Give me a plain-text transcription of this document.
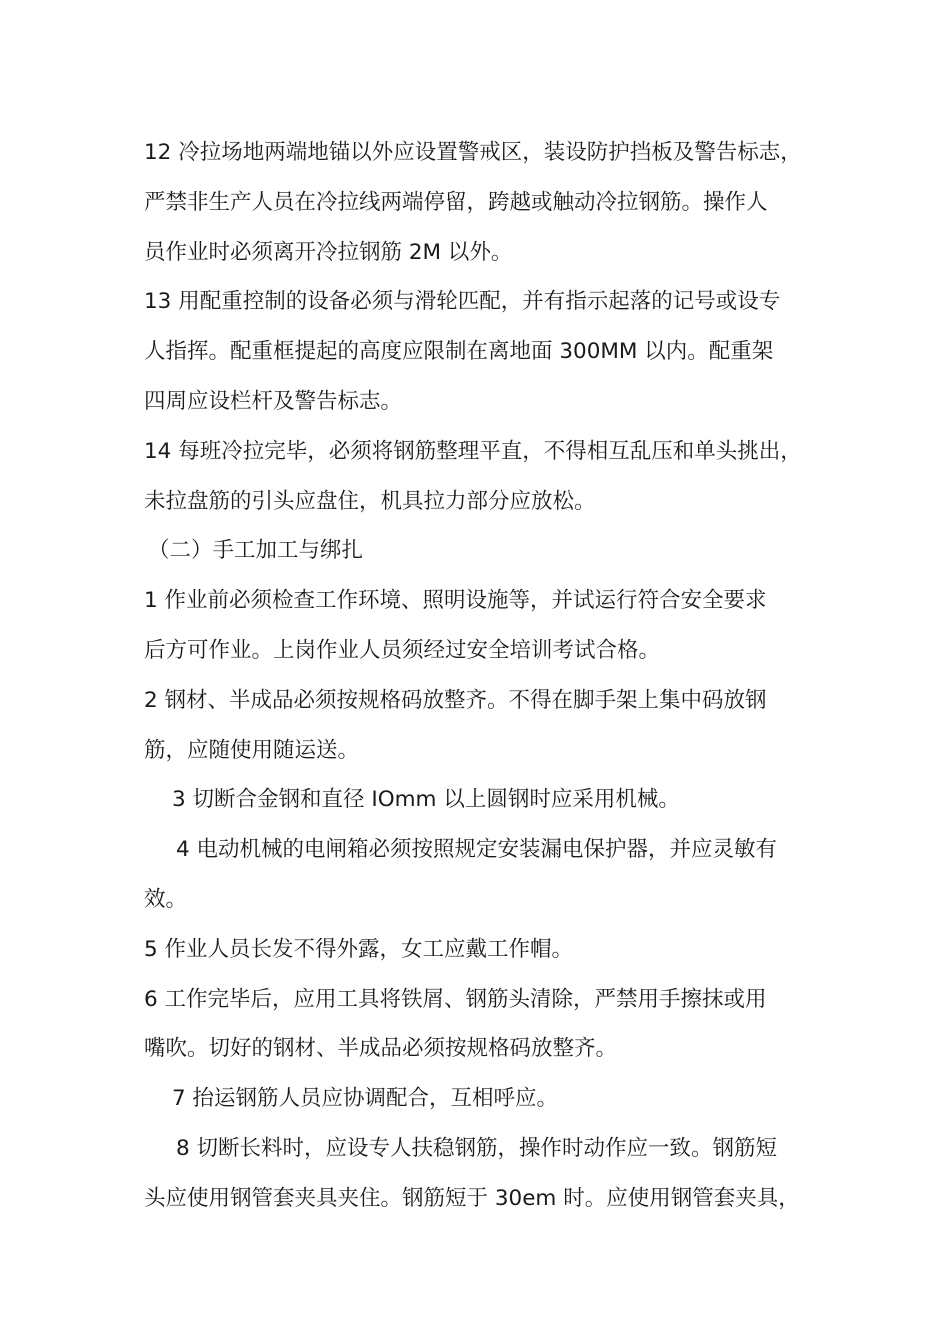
12 冷拉场地两端地锚以外应设置警戒区，装设防护挡板及警告标志，
严禁非生产人员在冷拉线两端停留，跨越或触动冷拉钢筋。操作人
员作业时必须离开冷拉钢筋 2M 以外。

13 用配重控制的设备必须与滑轮匹配，并有指示起落的记号或设专
人指挥。配重框提起的高度应限制在离地面 300MM 以内。配重架
四周应设栏杆及警告标志。

14 每班冷拉完毕，必须将钢筋整理平直，不得相互乱压和单头挑出，
未拉盘筋的引头应盘住，机具拉力部分应放松。

（二）手工加工与绑扎

1 作业前必须检查工作环境、照明设施等，并试运行符合安全要求
后方可作业。上岗作业人员须经过安全培训考试合格。

2 钢材、半成品必须按规格码放整齐。不得在脚手架上集中码放钢
筋，应随使用随运送。

3 切断合金钢和直径 IOmm 以上圆钢时应采用机械。

4 电动机械的电闸箱必须按照规定安装漏电保护器，并应灵敏有
效。

5 作业人员长发不得外露，女工应戴工作帽。

6 工作完毕后，应用工具将铁屑、钢筋头清除，严禁用手擦抹或用
嘴吹。切好的钢材、半成品必须按规格码放整齐。

7 抬运钢筋人员应协调配合，互相呼应。

8 切断长料时，应设专人扶稳钢筋，操作时动作应一致。钢筋短
头应使用钢管套夹具夹住。钢筋短于 30em 时。应使用钢管套夹具，
